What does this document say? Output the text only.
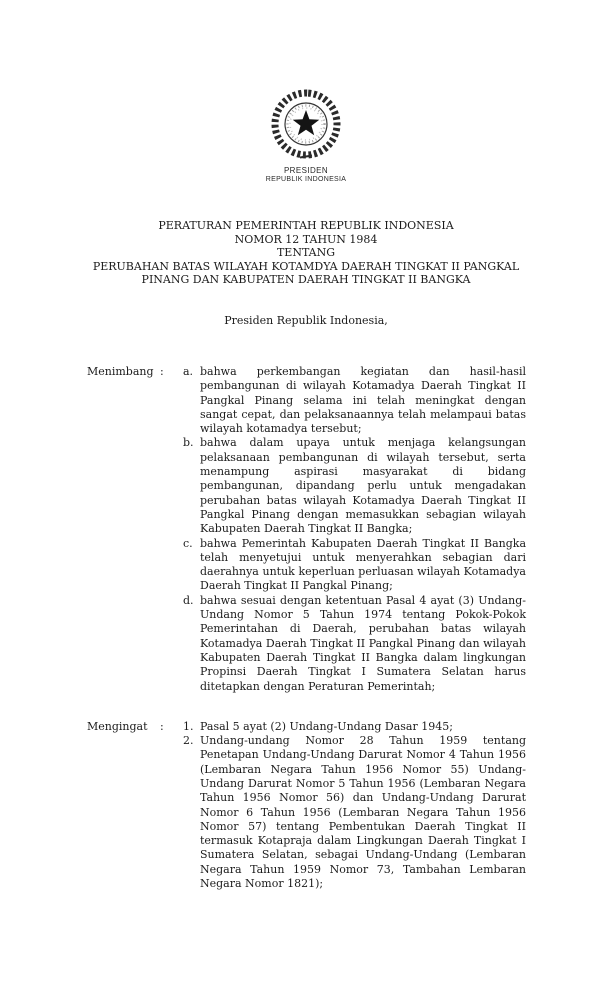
PRESIDEN
REPUBLIK INDONESIA
PERATURAN PEMERINTAH REPUBLIK INDONESIA
NOMOR 12 TAHUN 1984
TENTANG
PERUBAHAN BATAS WILAYAH KOTAMDYA DAERAH TINGKAT II PANGKAL PINANG DAN KABUPATEN DAERAH TINGKAT II BANGKA
Presiden Republik Indonesia,
Menimbang :	a. bahwa perkembangan kegiatan dan hasil-hasil pembangunan di wilayah Kotamadya Daerah Tingkat II Pangkal Pinang selama ini telah meningkat dengan sangat cepat, dan pelaksanaannya telah melampaui batas wilayah kotamadya tersebut;
b. bahwa dalam upaya untuk menjaga kelangsungan pelaksanaan pembangunan di wilayah tersebut, serta menampung aspirasi masyarakat di bidang pembangunan, dipandang perlu untuk mengadakan perubahan batas wilayah Kotamadya Daerah Tingkat II Pangkal Pinang dengan memasukkan sebagian wilayah Kabupaten Daerah Tingkat II Bangka;
c. bahwa Pemerintah Kabupaten Daerah Tingkat II Bangka telah menyetujui untuk menyerahkan sebagian dari daerahnya untuk keperluan perluasan wilayah Kotamadya Daerah Tingkat II Pangkal Pinang;
d. bahwa sesuai dengan ketentuan Pasal 4 ayat (3) Undang-Undang Nomor 5 Tahun 1974 tentang Pokok-Pokok Pemerintahan di Daerah, perubahan batas wilayah Kotamadya Daerah Tingkat II Pangkal Pinang dan wilayah Kabupaten Daerah Tingkat II Bangka dalam lingkungan Propinsi Daerah Tingkat I Sumatera Selatan harus ditetapkan dengan Peraturan Pemerintah;
Mengingat	:	1. Pasal 5 ayat (2) Undang-Undang Dasar 1945;
2. Undang-undang Nomor 28 Tahun 1959 tentang Penetapan Undang-Undang Darurat Nomor 4 Tahun 1956 (Lembaran Negara Tahun 1956 Nomor 55) Undang-Undang Darurat Nomor 5 Tahun 1956 (Lembaran Negara Tahun 1956 Nomor 56) dan Undang-Undang Darurat Nomor 6 Tahun 1956 (Lembaran Negara Tahun 1956 Nomor 57) tentang Pembentukan Daerah Tingkat II termasuk Kotapraja dalam Lingkungan Daerah Tingkat I Sumatera Selatan, sebagai Undang-Undang (Lembaran Negara Tahun 1959 Nomor 73, Tambahan Lembaran Negara Nomor 1821);
